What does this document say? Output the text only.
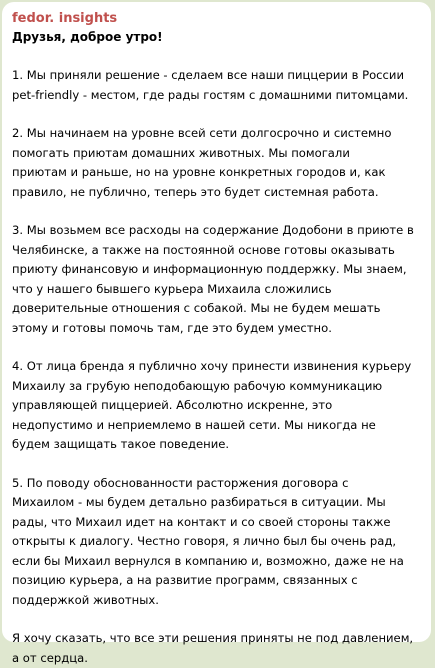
fedor. insights
Друзья, доброе утро!
1. Мы приняли решение - сделаем все наши пиццерии в России
pet-friendly - местом, где рады гостям с домашними питомцами.
2. Мы начинаем на уровне всей сети долгосрочно и системно
помогать приютам домашних животных. Мы помогали
приютам и раньше, но на уровне конкретных городов и, как
правило, не публично, теперь это будет системная работа.
3. Мы возьмем все расходы на содержание Додобони в приюте в
Челябинске, а также на постоянной основе готовы оказывать
приюту финансовую и информационную поддержку. Мы знаем,
что у нашего бывшего курьера Михаила сложились
доверительные отношения с собакой. Мы не будем мешать
этому и готовы помочь там, где это будем уместно.
4. От лица бренда я публично хочу принести извинения курьеру
Михаилу за грубую неподобающую рабочую коммуникацию
управляющей пиццерией. Абсолютно искренне, это
недопустимо и неприемлемо в нашей сети. Мы никогда не
будем защищать такое поведение.
5. По поводу обоснованности расторжения договора с
Михаилом - мы будем детально разбираться в ситуации. Мы
рады, что Михаил идет на контакт и со своей стороны также
открыты к диалогу. Честно говоря, я лично был бы очень рад,
если бы Михаил вернулся в компанию и, возможно, даже не на
позицию курьера, а на развитие программ, связанных с
поддержкой животных.
Я хочу сказать, что все эти решения приняты не под давлением,
а от сердца.
